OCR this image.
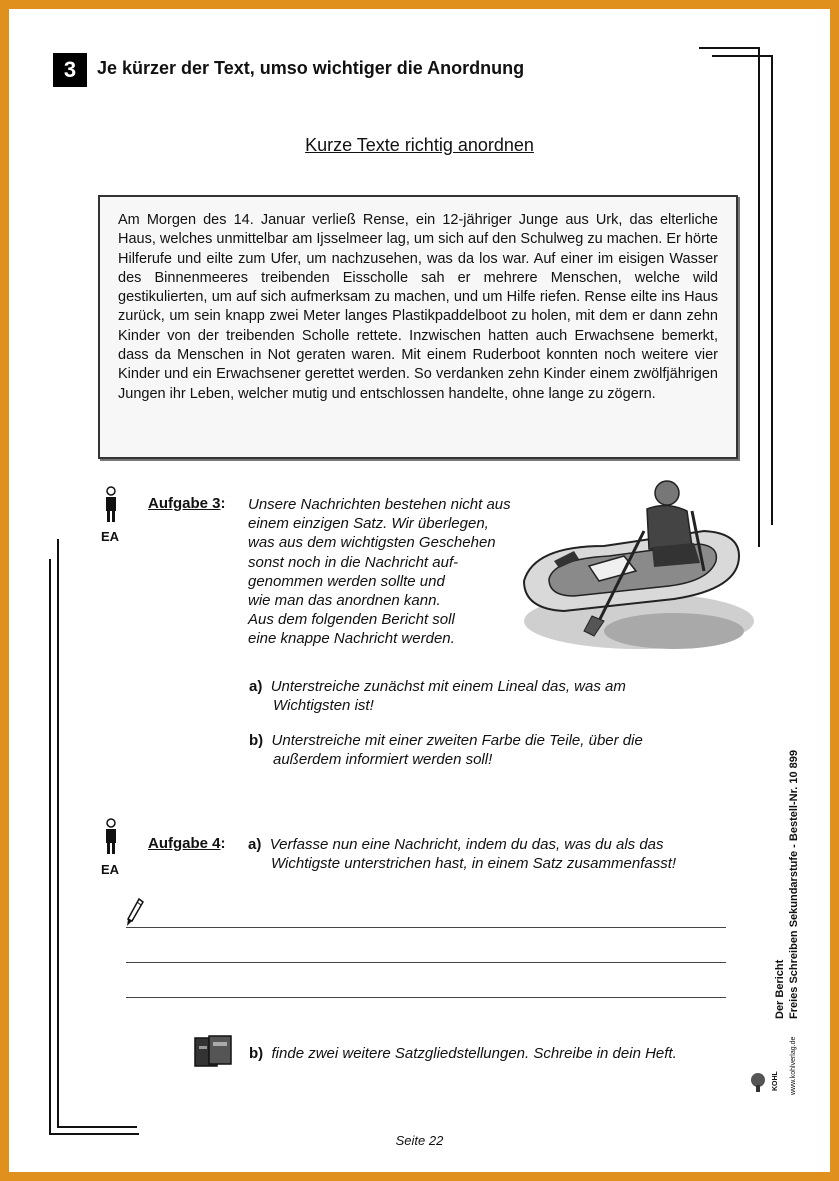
3	Je kürzer der Text, umso wichtiger die Anordnung
Kurze Texte richtig anordnen
Am Morgen des 14. Januar verließ Rense, ein 12-jähriger Junge aus Urk, das elterliche Haus, welches unmittelbar am Ijsselmeer lag, um sich auf den Schulweg zu machen. Er hörte Hilferufe und eilte zum Ufer, um nachzusehen, was da los war. Auf einer im eisigen Wasser des Binnenmeeres treibenden Eisscholle sah er mehrere Menschen, welche wild gestikulierten, um auf sich aufmerksam zu machen, und um Hilfe riefen. Rense eilte ins Haus zurück, um sein knapp zwei Meter langes Plastikpaddelboot zu holen, mit dem er dann zehn Kinder von der treibenden Scholle rettete. Inzwischen hatten auch Erwachsene bemerkt, dass da Menschen in Not geraten waren. Mit einem Ruderboot konnten noch weitere vier Kinder und ein Erwachsener gerettet werden. So verdanken zehn Kinder einem zwölfjährigen Jungen ihr Leben, welcher mutig und entschlossen handelte, ohne lange zu zögern.
EA
Aufgabe 3: Unsere Nachrichten bestehen nicht aus
einem einzigen Satz. Wir überlegen,
was aus dem wichtigsten Geschehen
sonst noch in die Nachricht auf-
genommen werden sollte und
wie man das anordnen kann.
Aus dem folgenden Bericht soll
eine knappe Nachricht werden.
a) Unterstreiche zunächst mit einem Lineal das, was am
Wichtigsten ist!
b) Unterstreiche mit einer zweiten Farbe die Teile, über die
außerdem informiert werden soll!
EA
Aufgabe 4: a) Verfasse nun eine Nachricht, indem du das, was du als das
Wichtigste unterstrichen hast, in einem Satz zusammenfasst!
b) finde zwei weitere Satzgliedstellungen. Schreibe in dein Heft.
Seite 22
Der Bericht Freies Schreiben Sekundarstufe - Bestell-Nr. 10 899
KOHL	www.kohlverlag.de
